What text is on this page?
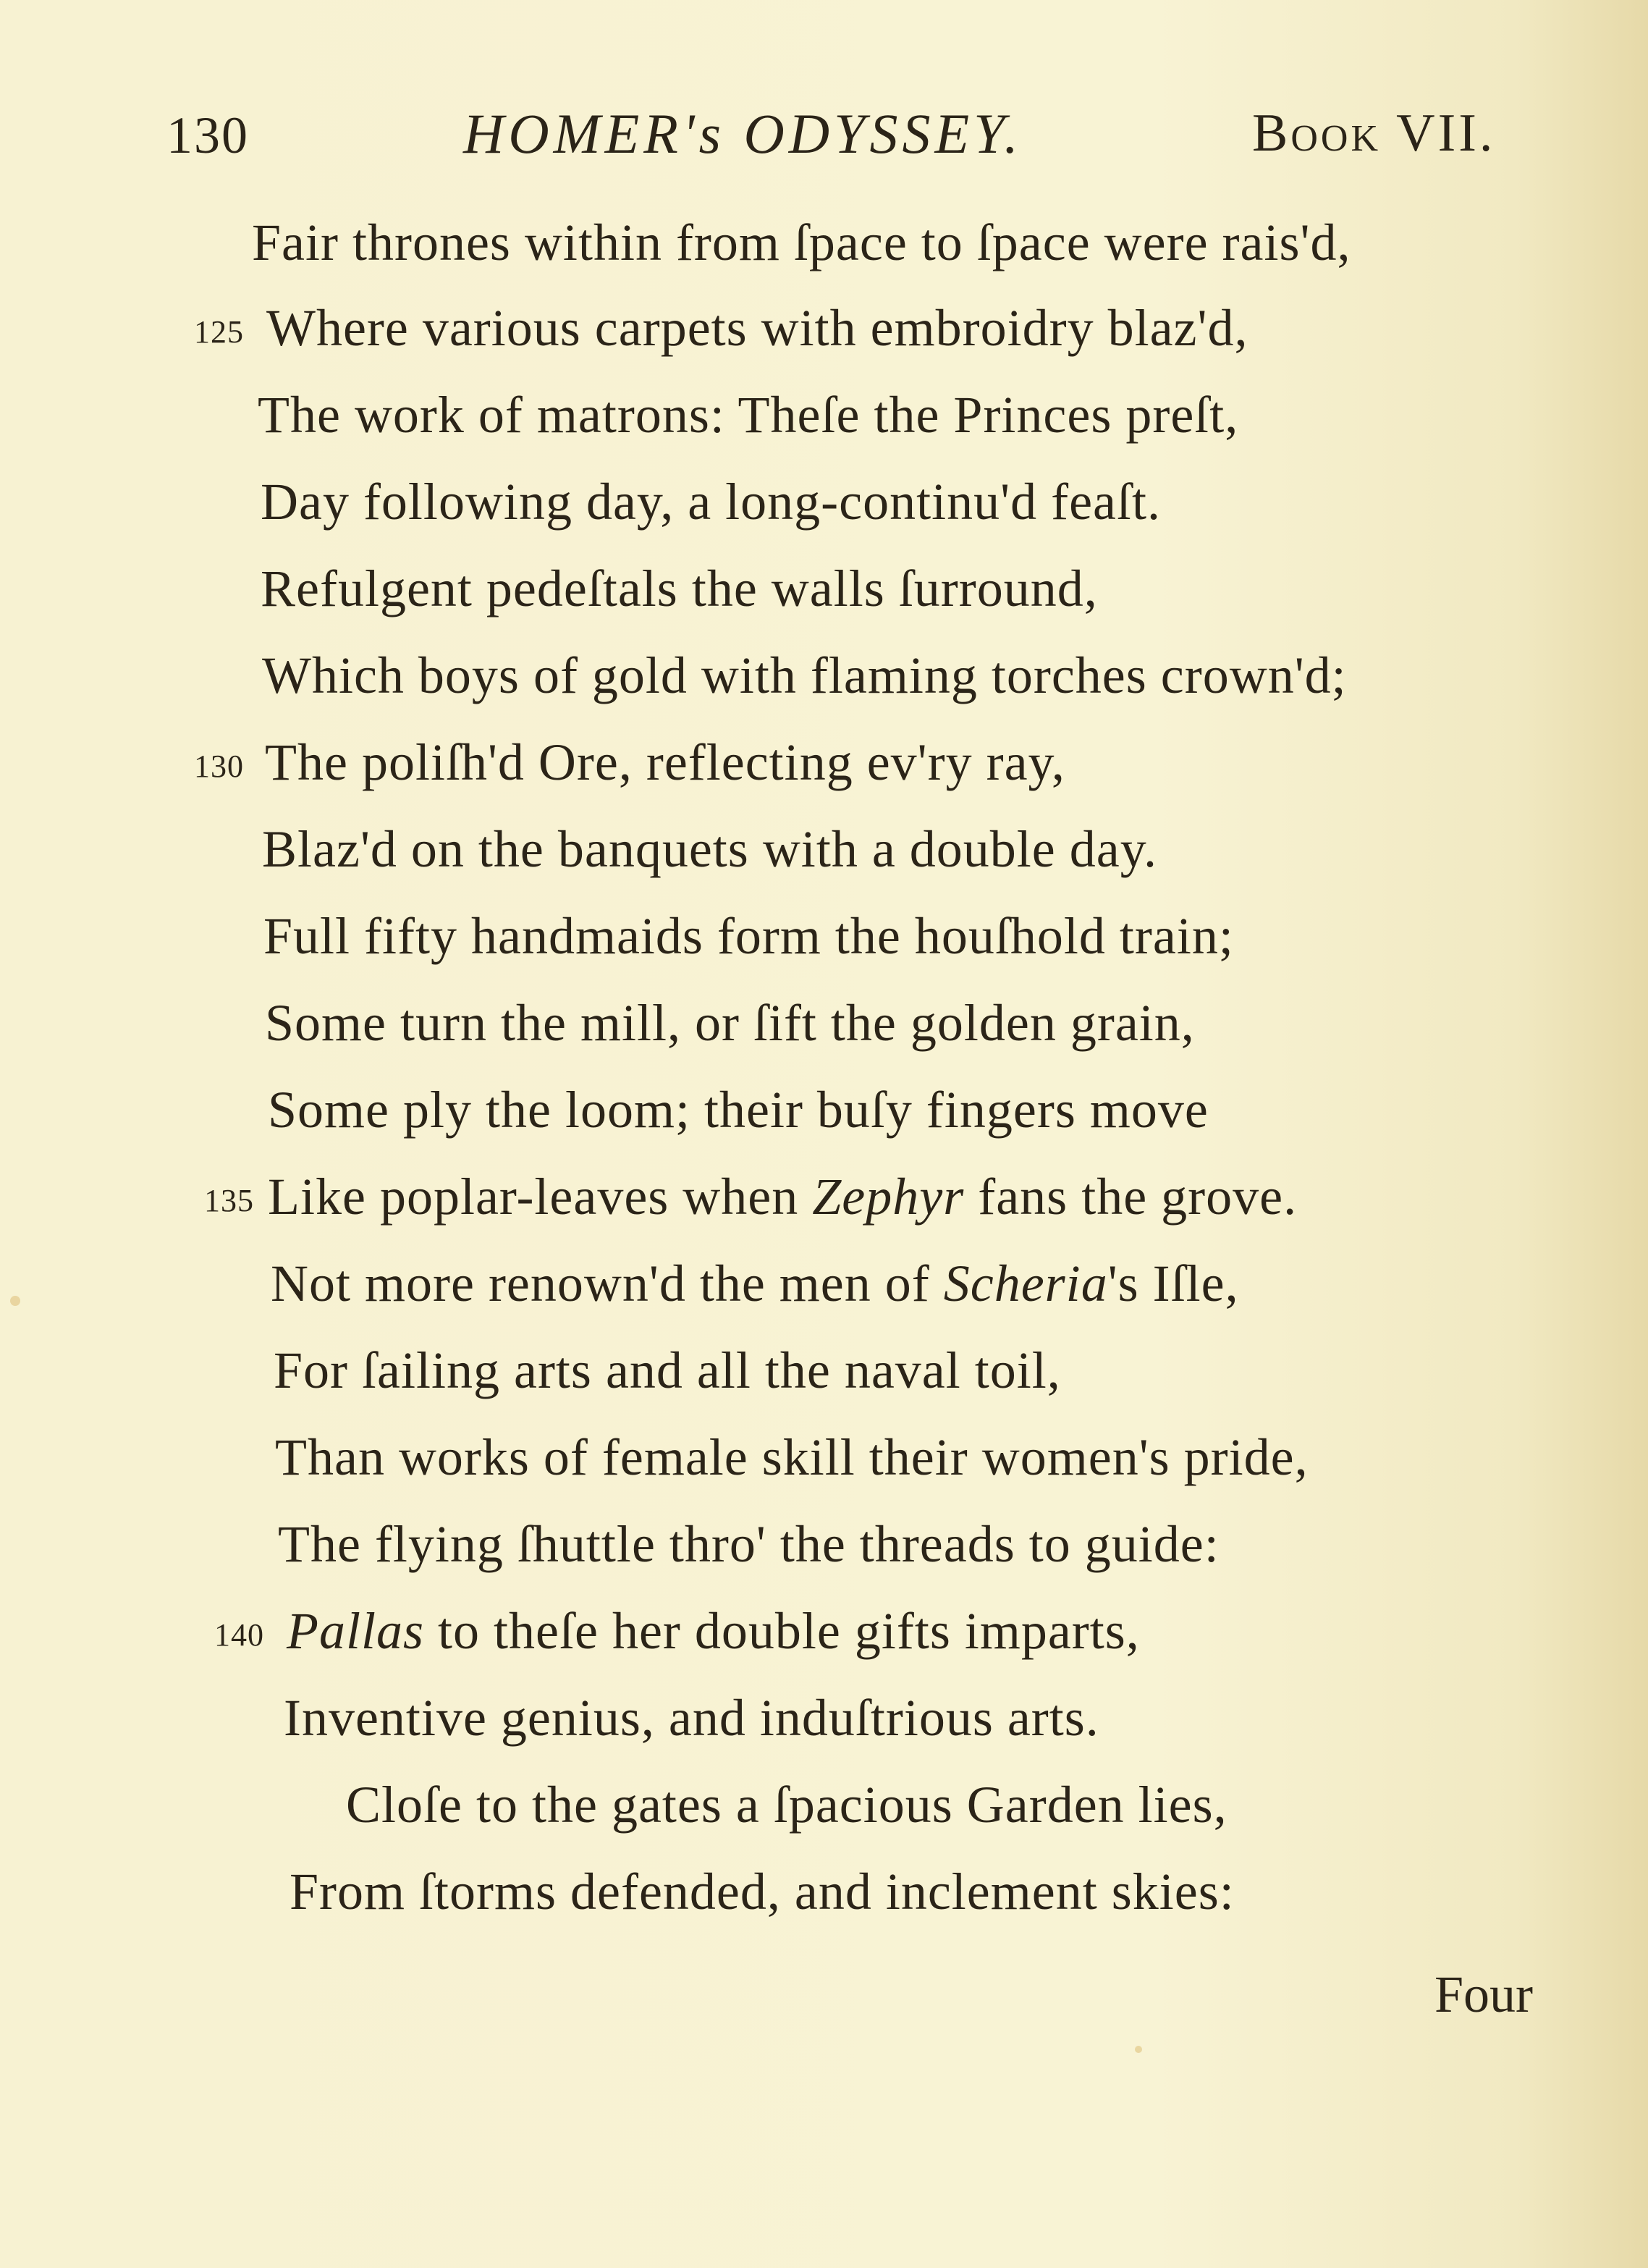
130	HOMER's ODYSSEY.	Book VII.
Fair thrones within from ſpace to ſpace were rais'd,
125 Where various carpets with embroidry blaz'd,
The work of matrons: Theſe the Princes preſt,
Day following day, a long-continu'd feaſt.
Refulgent pedeſtals the walls ſurround,
Which boys of gold with flaming torches crown'd;
130 The poliſh'd Ore, reflecting ev'ry ray,
Blaz'd on the banquets with a double day.
Full fifty handmaids form the houſhold train;
Some turn the mill, or ſift the golden grain,
Some ply the loom; their buſy fingers move
135 Like poplar-leaves when Zephyr fans the grove.
Not more renown'd the men of Scheria's Iſle,
For ſailing arts and all the naval toil,
Than works of female skill their women's pride,
The flying ſhuttle thro' the threads to guide:
140 Pallas to theſe her double gifts imparts,
Inventive genius, and induſtrious arts.
Cloſe to the gates a ſpacious Garden lies,
From ſtorms defended, and inclement skies:
Four
